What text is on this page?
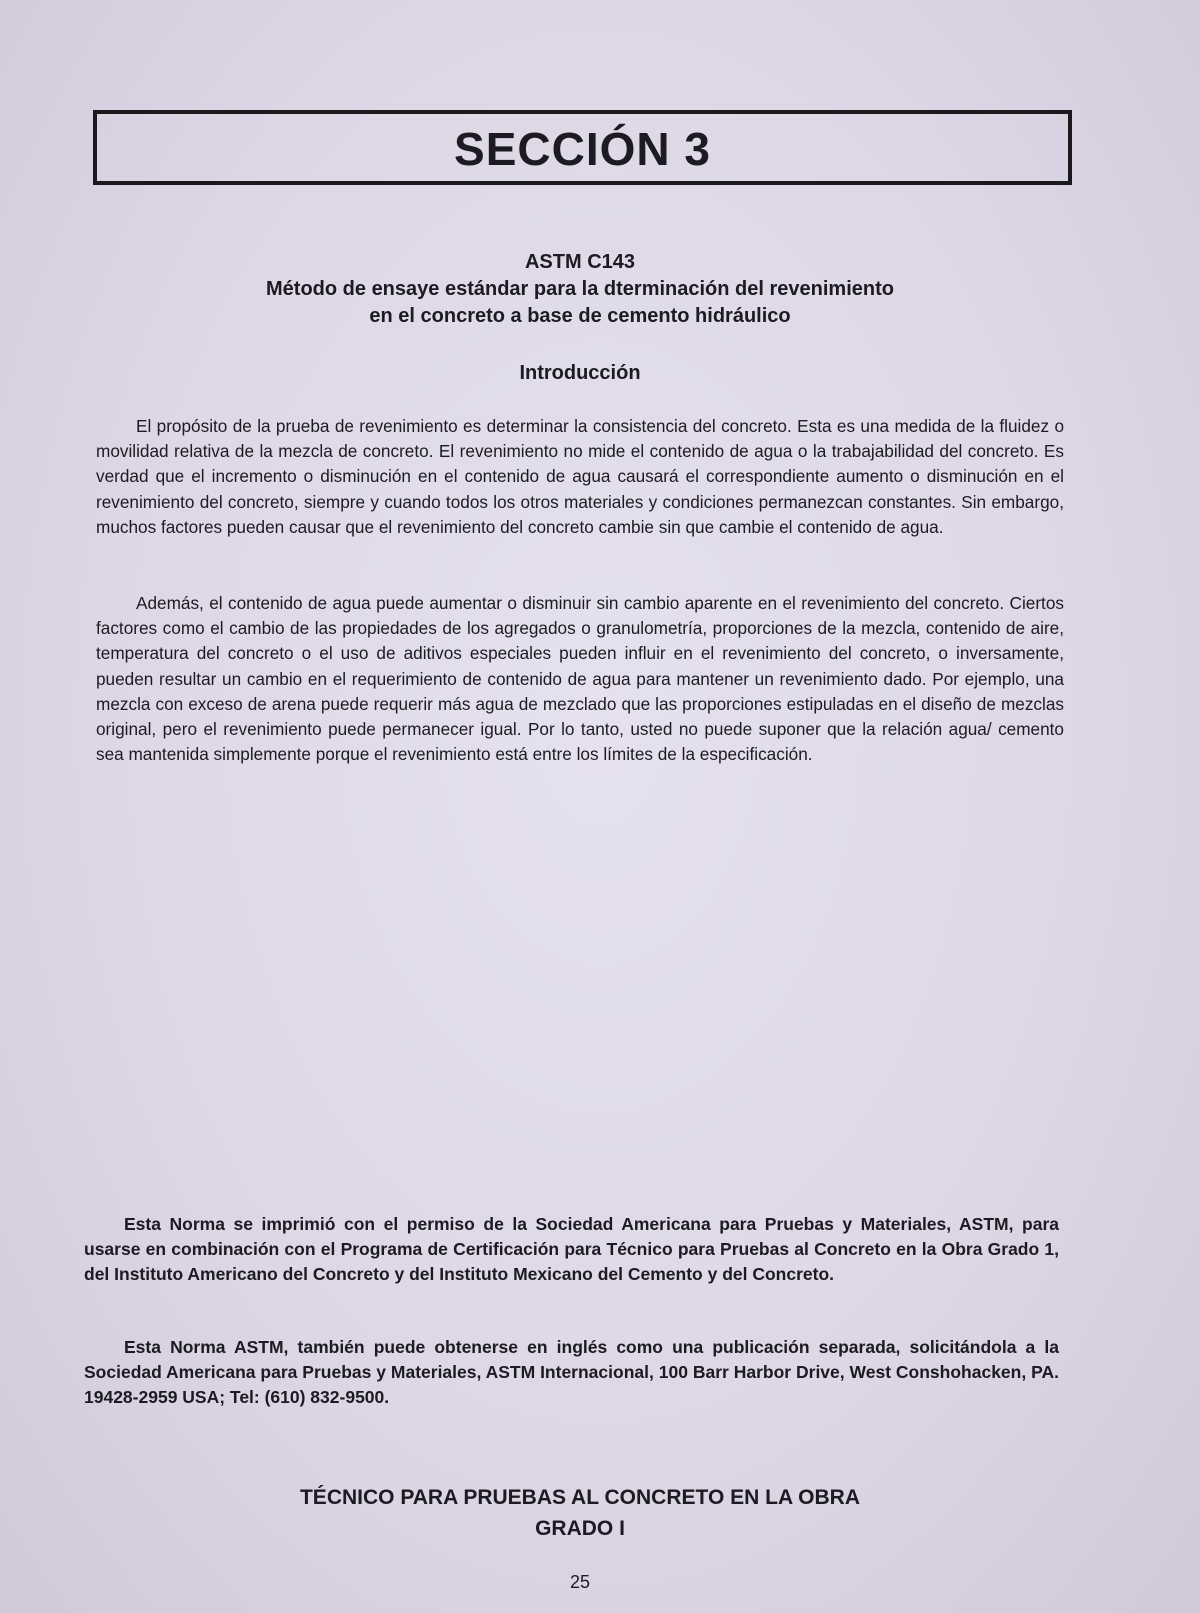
SECCIÓN 3
ASTM C143
Método de ensaye estándar para la dterminación del revenimiento
en el concreto a base de cemento hidráulico
Introducción

El propósito de la prueba de revenimiento es determinar la consistencia del concreto. Esta es una medida de la fluidez o movilidad relativa de la mezcla de concreto. El revenimiento no mide el contenido de agua o la trabajabilidad del concreto. Es verdad que el incremento o disminución en el contenido de agua causará el correspondiente aumento o disminución en el revenimiento del concreto, siempre y cuando todos los otros materiales y condiciones permanezcan constantes. Sin embargo, muchos factores pueden causar que el revenimiento del concreto cambie sin que cambie el contenido de agua.

Además, el contenido de agua puede aumentar o disminuir sin cambio aparente en el revenimiento del concreto. Ciertos factores como el cambio de las propiedades de los agregados o granulometría, proporciones de la mezcla, contenido de aire, temperatura del concreto o el uso de aditivos especiales pueden influir en el revenimiento del concreto, o inversamente, pueden resultar un cambio en el requerimiento de contenido de agua para mantener un revenimiento dado. Por ejemplo, una mezcla con exceso de arena puede requerir más agua de mezclado que las proporciones estipuladas en el diseño de mezclas original, pero el revenimiento puede permanecer igual. Por lo tanto, usted no puede suponer que la relación agua/ cemento sea mantenida simplemente porque el revenimiento está entre los límites de la especificación.

Esta Norma se imprimió con el permiso de la Sociedad Americana para Pruebas y Materiales, ASTM, para usarse en combinación con el Programa de Certificación para Técnico para Pruebas al Concreto en la Obra Grado 1, del Instituto Americano del Concreto y del Instituto Mexicano del Cemento y del Concreto.

Esta Norma ASTM, también puede obtenerse en inglés como una publicación separada, solicitándola a la Sociedad Americana para Pruebas y Materiales, ASTM Internacional, 100 Barr Harbor Drive, West Conshohacken, PA. 19428-2959 USA; Tel: (610) 832-9500.

TÉCNICO PARA PRUEBAS AL CONCRETO EN LA OBRA
GRADO I
25
